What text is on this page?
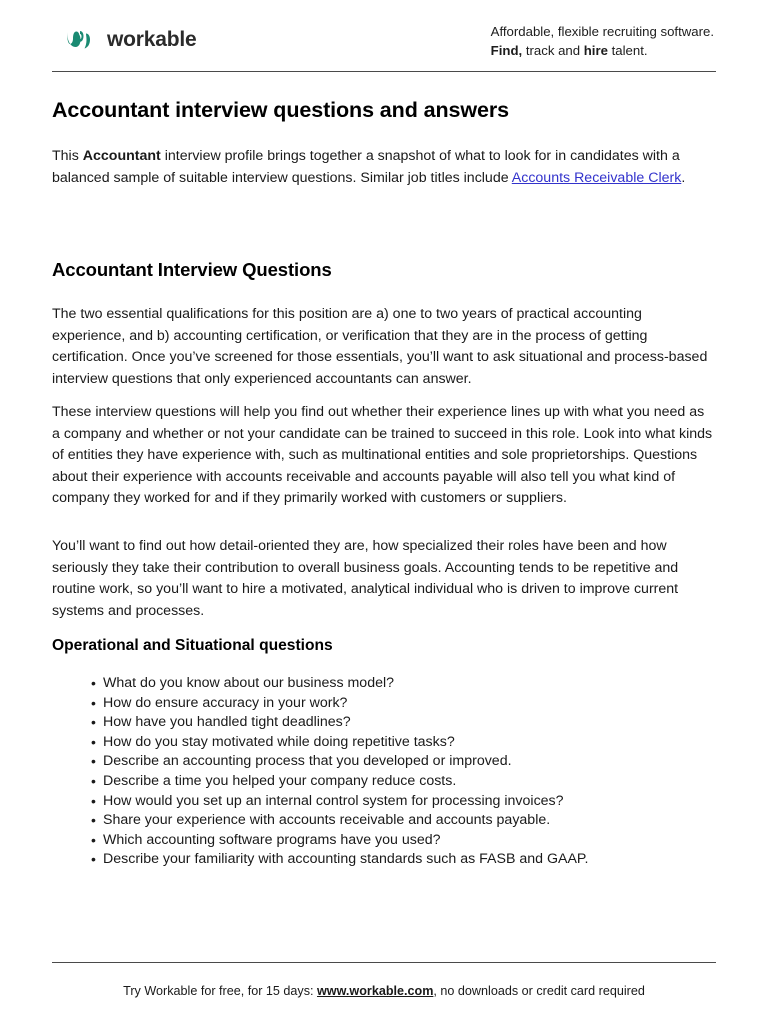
workable	Affordable, flexible recruiting software.
Find, track and hire talent.
Accountant interview questions and answers

This Accountant interview profile brings together a snapshot of what to look for in candidates with a balanced sample of suitable interview questions. Similar job titles include Accounts Receivable Clerk.

Accountant Interview Questions

The two essential qualifications for this position are a) one to two years of practical accounting experience, and b) accounting certification, or verification that they are in the process of getting certification. Once you’ve screened for those essentials, you’ll want to ask situational and process-based interview questions that only experienced accountants can answer.

These interview questions will help you find out whether their experience lines up with what you need as a company and whether or not your candidate can be trained to succeed in this role. Look into what kinds of entities they have experience with, such as multinational entities and sole proprietorships. Questions about their experience with accounts receivable and accounts payable will also tell you what kind of company they worked for and if they primarily worked with customers or suppliers.

You’ll want to find out how detail-oriented they are, how specialized their roles have been and how seriously they take their contribution to overall business goals. Accounting tends to be repetitive and routine work, so you’ll want to hire a motivated, analytical individual who is driven to improve current systems and processes.

Operational and Situational questions
• What do you know about our business model?
• How do ensure accuracy in your work?
• How have you handled tight deadlines?
• How do you stay motivated while doing repetitive tasks?
• Describe an accounting process that you developed or improved.
• Describe a time you helped your company reduce costs.
• How would you set up an internal control system for processing invoices?
• Share your experience with accounts receivable and accounts payable.
• Which accounting software programs have you used?
• Describe your familiarity with accounting standards such as FASB and GAAP.
Try Workable for free, for 15 days: www.workable.com, no downloads or credit card required
